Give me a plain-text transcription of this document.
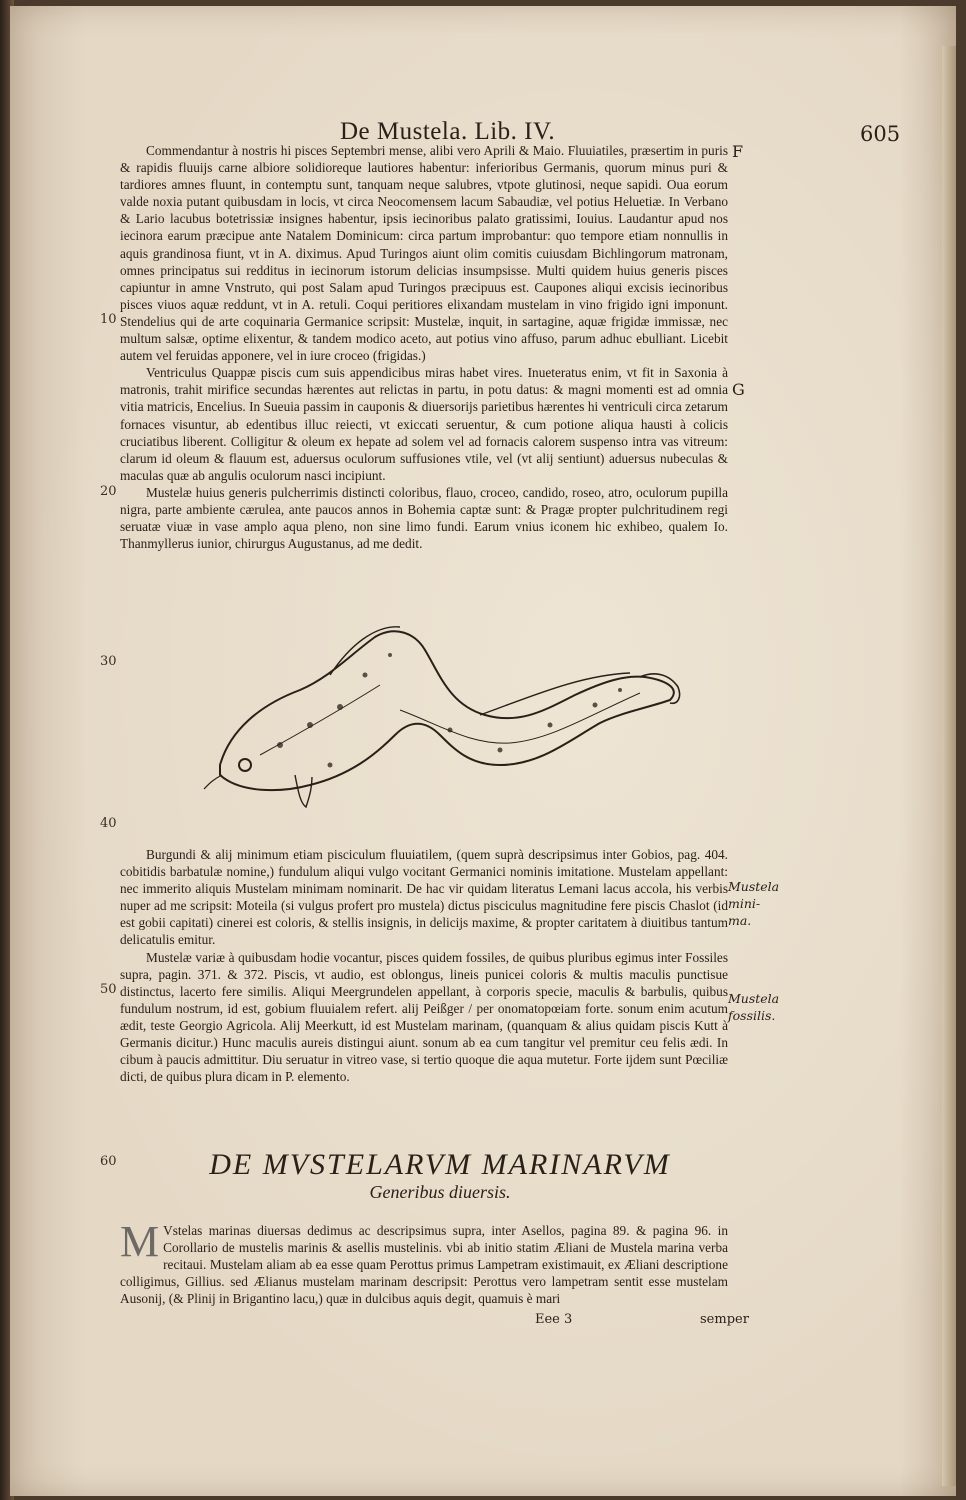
De Mustela. Lib. IV.	605
F
G
10
20
30
40
50
60

Commendantur à nostris hi pisces Septembri mense, alibi vero Aprili & Maio. Fluuiatiles, præsertim in puris & rapidis fluuijs carne albiore solidioreque lautiores habentur: inferioribus Germanis, quorum minus puri & tardiores amnes fluunt, in contemptu sunt, tanquam neque salubres, vtpote glutinosi, neque sapidi. Oua eorum valde noxia putant quibusdam in locis, vt circa Neocomensem lacum Sabaudiæ, vel potius Heluetiæ. In Verbano & Lario lacubus botetrissiæ insignes habentur, ipsis iecinoribus palato gratissimi, Iouius. Laudantur apud nos iecinora earum præcipue ante Natalem Dominicum: circa partum improbantur: quo tempore etiam nonnullis in aquis grandinosa fiunt, vt in A. diximus. Apud Turingos aiunt olim comitis cuiusdam Bichlingorum matronam, omnes principatus sui redditus in iecinorum istorum delicias insumpsisse. Multi quidem huius generis pisces capiuntur in amne Vnstruto, qui post Salam apud Turingos præcipuus est. Caupones aliqui excisis iecinoribus pisces viuos aquæ reddunt, vt in A. retuli. Coqui peritiores elixandam mustelam in vino frigido igni imponunt. Stendelius qui de arte coquinaria Germanice scripsit: Mustelæ, inquit, in sartagine, aquæ frigidæ immissæ, nec multum salsæ, optime elixentur, & tandem modico aceto, aut potius vino affuso, parum adhuc ebulliant. Licebit autem vel feruidas apponere, vel in iure croceo (frigidas.)

Ventriculus Quappæ piscis cum suis appendicibus miras habet vires. Inueteratus enim, vt fit in Saxonia à matronis, trahit mirifice secundas hærentes aut relictas in partu, in potu datus: & magni momenti est ad omnia vitia matricis, Encelius. In Sueuia passim in cauponis & diuersorijs parietibus hærentes hi ventriculi circa zetarum fornaces visuntur, ab edentibus illuc reiecti, vt exiccati seruentur, & cum potione aliqua hausti à colicis cruciatibus liberent. Colligitur & oleum ex hepate ad solem vel ad fornacis calorem suspenso intra vas vitreum: clarum id oleum & flauum est, aduersus oculorum suffusiones vtile, vel (vt alij sentiunt) aduersus nubeculas & maculas quæ ab angulis oculorum nasci incipiunt.

Mustelæ huius generis pulcherrimis distincti coloribus, flauo, croceo, candido, roseo, atro, oculorum pupilla nigra, parte ambiente cærulea, ante paucos annos in Bohemia captæ sunt: & Pragæ propter pulchritudinem regi seruatæ viuæ in vase amplo aqua pleno, non sine limo fundi. Earum vnius iconem hic exhibeo, qualem Io. Thanmyllerus iunior, chirurgus Augustanus, ad me dedit.

Burgundi & alij minimum etiam pisciculum fluuiatilem, (quem suprà descripsimus inter Gobios, pag. 404. cobitidis barbatulæ nomine,) fundulum aliqui vulgo vocitant Germanici nominis imitatione. Mustelam appellant: nec immerito aliquis Mustelam minimam nominarit. De hac vir quidam literatus Lemani lacus accola, his verbis nuper ad me scripsit: Moteila (si vulgus profert pro mustela) dictus pisciculus magnitudine fere piscis Chaslot (id est gobii capitati) cinerei est coloris, & stellis insignis, in delicijs maxime, & propter caritatem à diuitibus tantum delicatulis emitur.

Mustelæ variæ à quibusdam hodie vocantur, pisces quidem fossiles, de quibus pluribus egimus inter Fossiles supra, pagin. 371. & 372. Piscis, vt audio, est oblongus, lineis punicei coloris & multis maculis punctisue distinctus, lacerto fere similis. Aliqui Meergrundelen appellant, à corporis specie, maculis & barbulis, quibus fundulum nostrum, id est, gobium fluuialem refert. alij Peißger / per onomatopœiam forte. sonum enim acutum ædit, teste Georgio Agricola. Alij Meerkutt, id est Mustelam marinam, (quanquam & alius quidam piscis Kutt à Germanis dicitur.) Hunc maculis aureis distingui aiunt. sonum ab ea cum tangitur vel premitur ceu felis ædi. In cibum à paucis admittitur. Diu seruatur in vitreo vase, si tertio quoque die aqua mutetur. Forte ijdem sunt Pœciliæ dicti, de quibus plura dicam in P. elemento.

Mustela mini-
ma.
Mustela fossilis.
DE MVSTELARVM MARINARVM
Generibus diuersis.
M Vstelas marinas diuersas dedimus ac descripsimus supra, inter Asellos, pagina 89. & pagina 96. in Corollario de mustelis marinis & asellis mustelinis. vbi ab initio statim Æliani de Mustela marina verba recitaui. Mustelam aliam ab ea esse quam Perottus primus Lampetram existimauit, ex Æliani descriptione colligimus, Gillius. sed Ælianus mustelam marinam descripsit: Perottus vero lampetram sentit esse mustelam Ausonij, (& Plinij in Brigantino lacu,) quæ in dulcibus aquis degit, quamuis è mari
Eee 3	semper
